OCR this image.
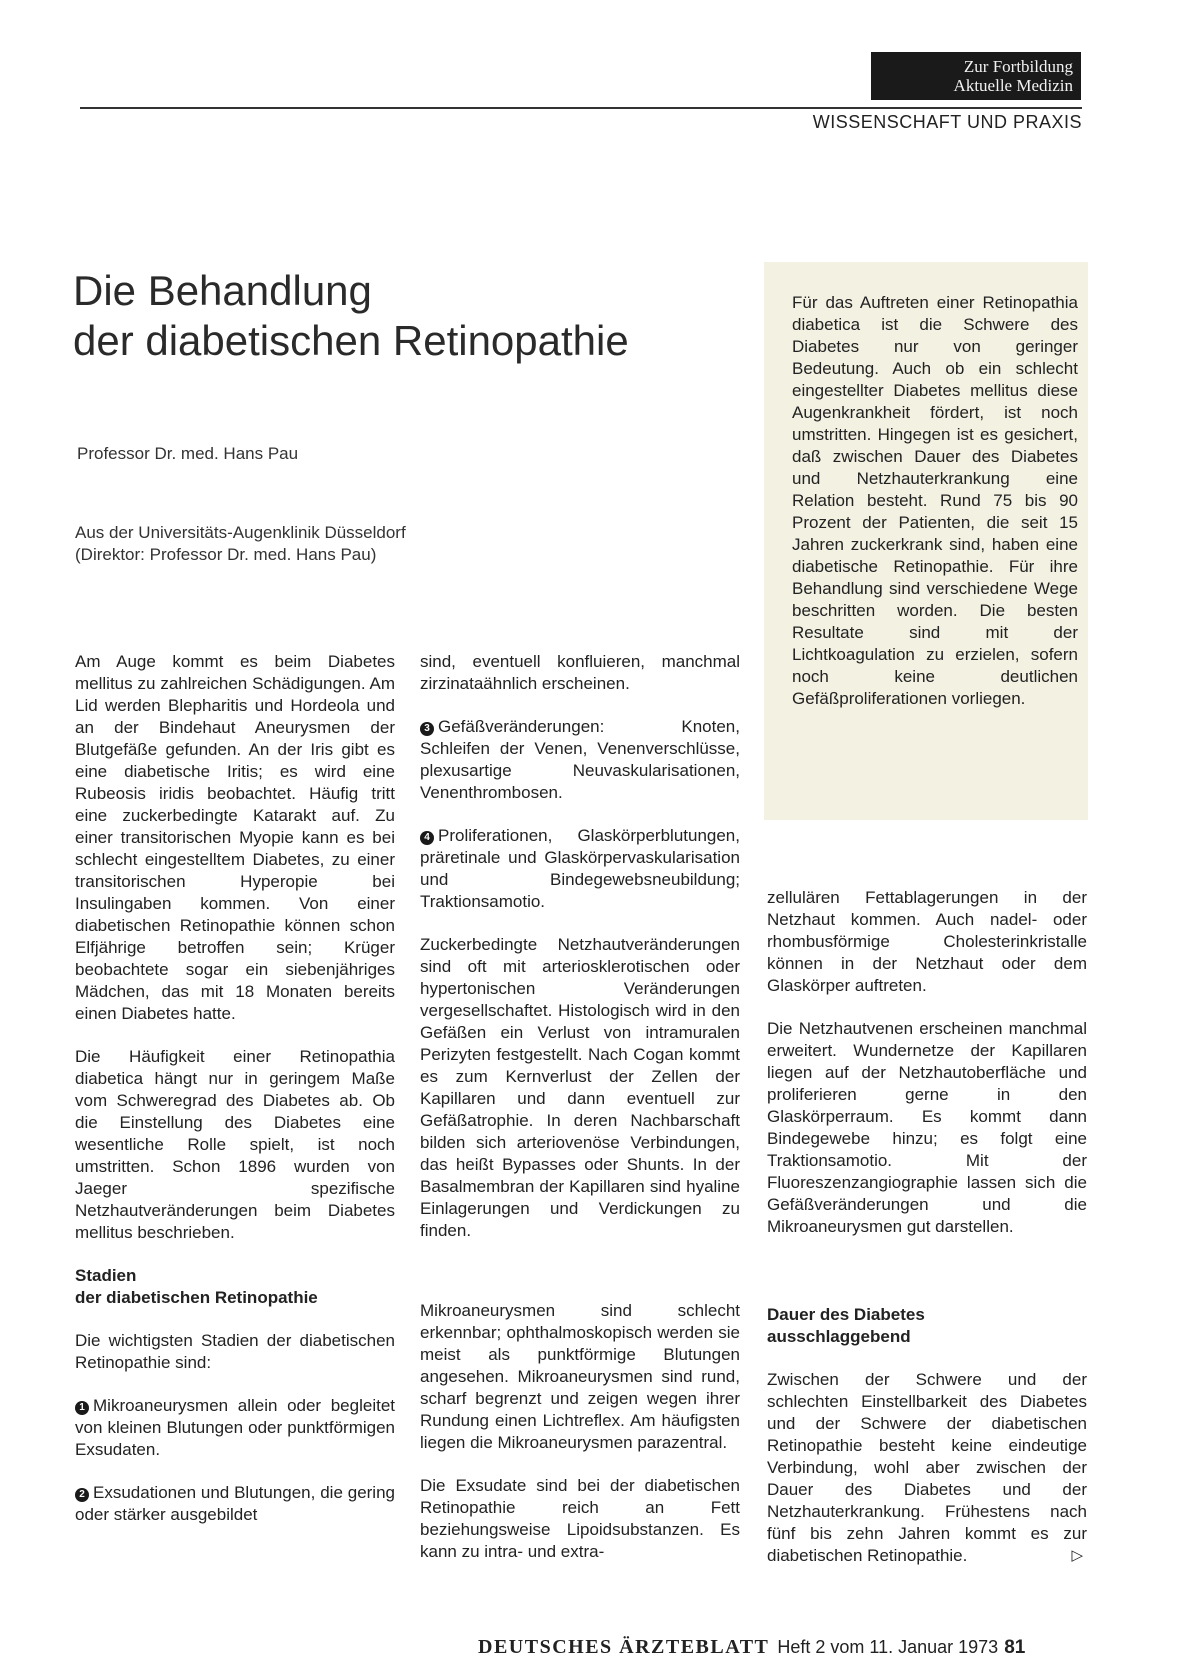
Zur Fortbildung
Aktuelle Medizin
WISSENSCHAFT UND PRAXIS
Die Behandlung
der diabetischen Retinopathie
Professor Dr. med. Hans Pau
Aus der Universitäts-Augenklinik Düsseldorf
(Direktor: Professor Dr. med. Hans Pau)
Für das Auftreten einer Retinopathia diabetica ist die Schwere des Diabetes nur von geringer Bedeutung. Auch ob ein schlecht eingestellter Diabetes mellitus diese Augenkrankheit fördert, ist noch umstritten. Hingegen ist es gesichert, daß zwischen Dauer des Diabetes und Netzhauterkrankung eine Relation besteht. Rund 75 bis 90 Prozent der Patienten, die seit 15 Jahren zuckerkrank sind, haben eine diabetische Retinopathie. Für ihre Behandlung sind verschiedene Wege beschritten worden. Die besten Resultate sind mit der Lichtkoagulation zu erzielen, sofern noch keine deutlichen Gefäßproliferationen vorliegen.

Am Auge kommt es beim Diabetes mellitus zu zahlreichen Schädigungen. Am Lid werden Blepharitis und Hordeola und an der Bindehaut Aneurysmen der Blutgefäße gefunden. An der Iris gibt es eine diabetische Iritis; es wird eine Rubeosis iridis beobachtet. Häufig tritt eine zuckerbedingte Katarakt auf. Zu einer transitorischen Myopie kann es bei schlecht eingestelltem Diabetes, zu einer transitorischen Hyperopie bei Insulingaben kommen. Von einer diabetischen Retinopathie können schon Elfjährige betroffen sein; Krüger beobachtete sogar ein siebenjähriges Mädchen, das mit 18 Monaten bereits einen Diabetes hatte.

Die Häufigkeit einer Retinopathia diabetica hängt nur in geringem Maße vom Schweregrad des Diabetes ab. Ob die Einstellung des Diabetes eine wesentliche Rolle spielt, ist noch umstritten. Schon 1896 wurden von Jaeger spezifische Netzhautveränderungen beim Diabetes mellitus beschrieben.

Stadien
der diabetischen Retinopathie

Die wichtigsten Stadien der diabetischen Retinopathie sind:

1 Mikroaneurysmen allein oder begleitet von kleinen Blutungen oder punktförmigen Exsudaten.

2 Exsudationen und Blutungen, die gering oder stärker ausgebildet

sind, eventuell konfluieren, manchmal zirzinataähnlich erscheinen.

3 Gefäßveränderungen: Knoten, Schleifen der Venen, Venenverschlüsse, plexusartige Neuvaskularisationen, Venenthrombosen.

4 Proliferationen, Glaskörperblutungen, präretinale und Glaskörpervaskularisation und Bindegewebsneubildung; Traktionsamotio.

Zuckerbedingte Netzhautveränderungen sind oft mit arteriosklerotischen oder hypertonischen Veränderungen vergesellschaftet. Histologisch wird in den Gefäßen ein Verlust von intramuralen Perizyten festgestellt. Nach Cogan kommt es zum Kernverlust der Zellen der Kapillaren und dann eventuell zur Gefäßatrophie. In deren Nachbarschaft bilden sich arteriovenöse Verbindungen, das heißt Bypasses oder Shunts. In der Basalmembran der Kapillaren sind hyaline Einlagerungen und Verdickungen zu finden.

Mikroaneurysmen sind schlecht erkennbar; ophthalmoskopisch werden sie meist als punktförmige Blutungen angesehen. Mikroaneurysmen sind rund, scharf begrenzt und zeigen wegen ihrer Rundung einen Lichtreflex. Am häufigsten liegen die Mikroaneurysmen parazentral.

Die Exsudate sind bei der diabetischen Retinopathie reich an Fett beziehungsweise Lipoidsubstanzen. Es kann zu intra- und extra-

zellulären Fettablagerungen in der Netzhaut kommen. Auch nadel- oder rhombusförmige Cholesterinkristalle können in der Netzhaut oder dem Glaskörper auftreten.

Die Netzhautvenen erscheinen manchmal erweitert. Wundernetze der Kapillaren liegen auf der Netzhautoberfläche und proliferieren gerne in den Glaskörperraum. Es kommt dann Bindegewebe hinzu; es folgt eine Traktionsamotio. Mit der Fluoreszenzangiographie lassen sich die Gefäßveränderungen und die Mikroaneurysmen gut darstellen.

Dauer des Diabetes
ausschlaggebend

Zwischen der Schwere und der schlechten Einstellbarkeit des Diabetes und der Schwere der diabetischen Retinopathie besteht keine eindeutige Verbindung, wohl aber zwischen der Dauer des Diabetes und der Netzhauterkrankung. Frühestens nach fünf bis zehn Jahren kommt es zur diabetischen Retinopathie.	▷

DEUTSCHES ÄRZTEBLATT Heft 2 vom 11. Januar 1973 81
